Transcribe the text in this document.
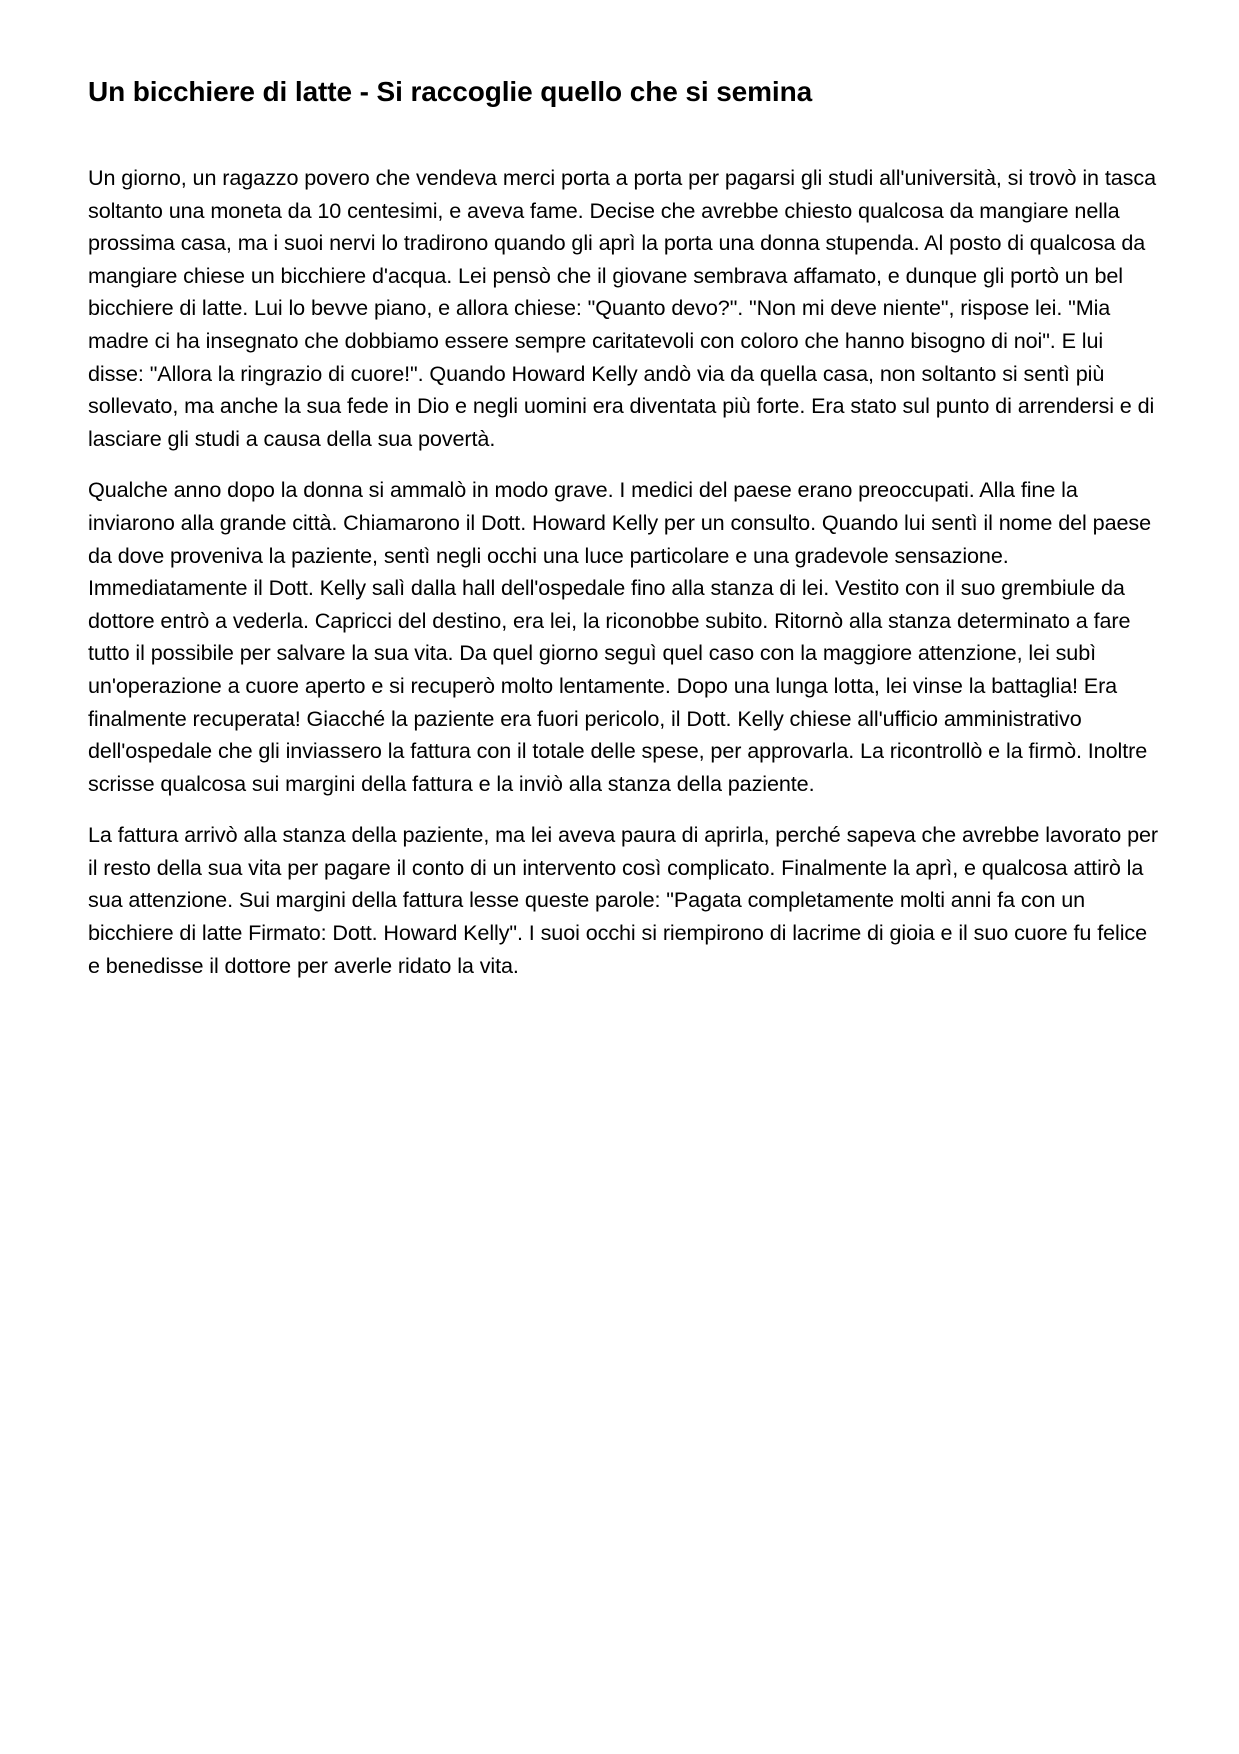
Un bicchiere di latte - Si raccoglie quello che si semina

Un giorno, un ragazzo povero che vendeva merci porta a porta per pagarsi gli studi all'università, si trovò in tasca soltanto una moneta da 10 centesimi, e aveva fame. Decise che avrebbe chiesto qualcosa da mangiare nella prossima casa, ma i suoi nervi lo tradirono quando gli aprì la porta una donna stupenda. Al posto di qualcosa da mangiare chiese un bicchiere d'acqua. Lei pensò che il giovane sembrava affamato, e dunque gli portò un bel bicchiere di latte. Lui lo bevve piano, e allora chiese: "Quanto devo?". "Non mi deve niente", rispose lei. "Mia madre ci ha insegnato che dobbiamo essere sempre caritatevoli con coloro che hanno bisogno di noi". E lui disse: "Allora la ringrazio di cuore!". Quando Howard Kelly andò via da quella casa, non soltanto si sentì più sollevato, ma anche la sua fede in Dio e negli uomini era diventata più forte. Era stato sul punto di arrendersi e di lasciare gli studi a causa della sua povertà.

Qualche anno dopo la donna si ammalò in modo grave. I medici del paese erano preoccupati. Alla fine la inviarono alla grande città. Chiamarono il Dott. Howard Kelly per un consulto. Quando lui sentì il nome del paese da dove proveniva la paziente, sentì negli occhi una luce particolare e una gradevole sensazione. Immediatamente il Dott. Kelly salì dalla hall dell'ospedale fino alla stanza di lei. Vestito con il suo grembiule da dottore entrò a vederla. Capricci del destino, era lei, la riconobbe subito. Ritornò alla stanza determinato a fare tutto il possibile per salvare la sua vita. Da quel giorno seguì quel caso con la maggiore attenzione, lei subì un'operazione a cuore aperto e si recuperò molto lentamente. Dopo una lunga lotta, lei vinse la battaglia! Era finalmente recuperata! Giacché la paziente era fuori pericolo, il Dott. Kelly chiese all'ufficio amministrativo dell'ospedale che gli inviassero la fattura con il totale delle spese, per approvarla. La ricontrollò e la firmò. Inoltre scrisse qualcosa sui margini della fattura e la inviò alla stanza della paziente.

La fattura arrivò alla stanza della paziente, ma lei aveva paura di aprirla, perché sapeva che avrebbe lavorato per il resto della sua vita per pagare il conto di un intervento così complicato. Finalmente la aprì, e qualcosa attirò la sua attenzione. Sui margini della fattura lesse queste parole: "Pagata completamente molti anni fa con un bicchiere di latte Firmato: Dott. Howard Kelly". I suoi occhi si riempirono di lacrime di gioia e il suo cuore fu felice e benedisse il dottore per averle ridato la vita.
